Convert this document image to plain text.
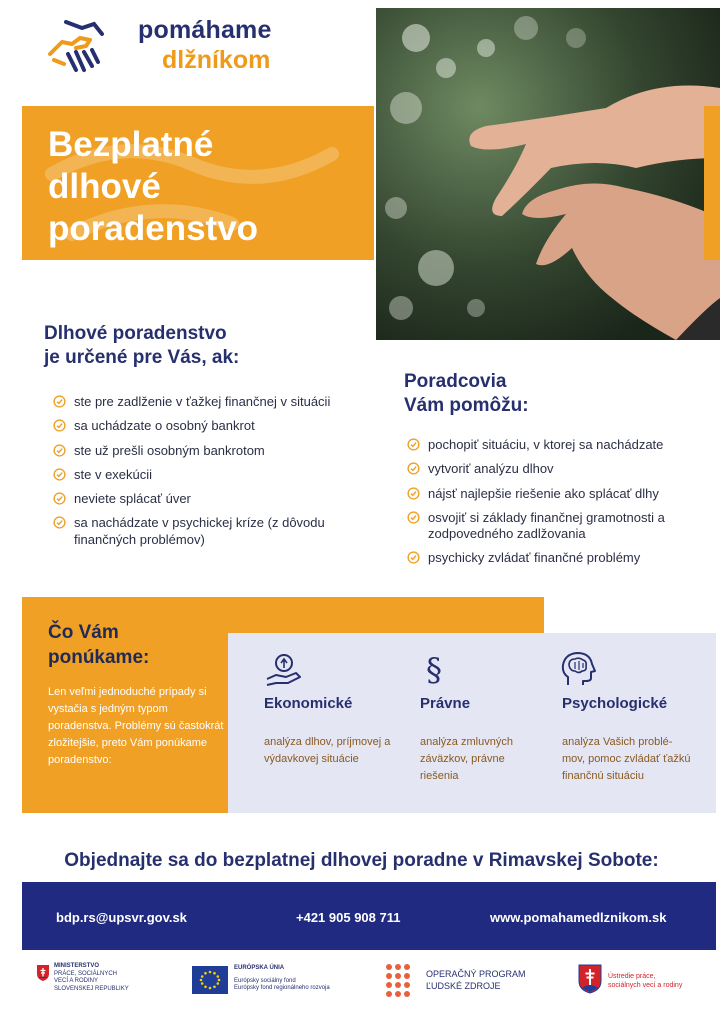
pomáhame
dlžníkom
Bezplatné
dlhové
poradenstvo
Dlhové poradenstvo
je určené pre Vás, ak:
ste pre zadlženie v ťažkej finančnej v situácii
sa uchádzate o osobný bankrot
ste už prešli osobným bankrotom
ste v exekúcii
neviete splácať úver
sa nachádzate v psychickej kríze (z dôvodu finančných problémov)
Poradcovia
Vám pomôžu:
pochopiť situáciu, v ktorej sa nachádzate
vytvoriť analýzu dlhov
nájsť najlepšie riešenie ako splácať dlhy
osvojiť si základy finančnej gramotnosti a zodpovedného zadlžovania
psychicky zvládať finančné problémy
Čo Vám
ponúkame:
Len veľmi jednoduché prípady si vystačia s jedným typom poradenstva. Problémy sú častokrát zložitejšie, preto Vám ponúkame poradenstvo:
Ekonomické
analýza dlhov, príjmovej a výdavkovej situácie
§
Právne
analýza zmluvných záväzkov, právne riešenia
Psychologické
analýza Vašich problé-mov, pomoc zvládať ťažkú finančnú situáciu
Objednajte sa do bezplatnej dlhovej poradne v Rimavskej Sobote:
bdp.rs@upsvr.gov.sk	+421 905 908 711	www.pomahamedlznikom.sk
MINISTERSTVO
PRÁCE, SOCIÁLNYCH
VECÍ A RODINY
SLOVENSKEJ REPUBLIKY
EURÓPSKA ÚNIA
Európsky sociálny fond
Európsky fond regionálneho rozvoja
OPERAČNÝ PROGRAM
ĽUDSKÉ ZDROJE
Ústredie práce,
sociálnych vecí a rodiny
